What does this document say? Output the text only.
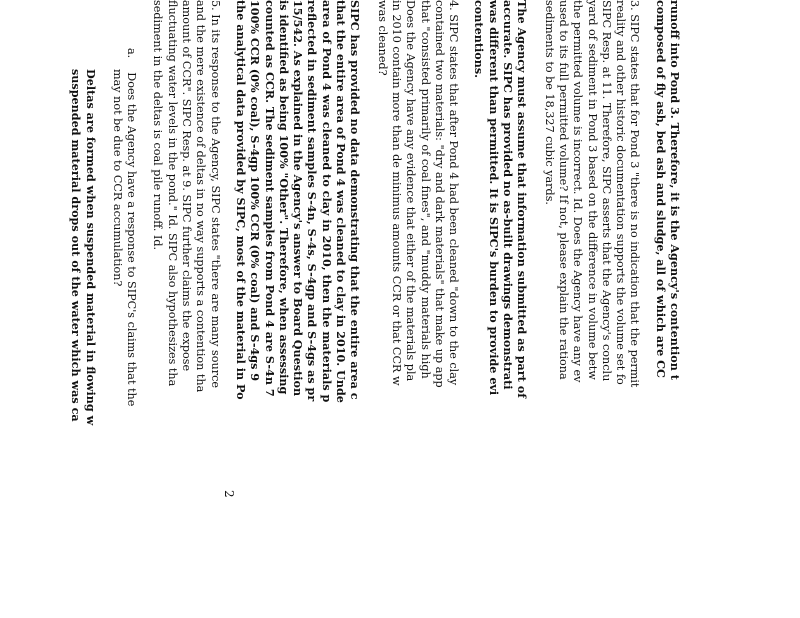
runoff into Pond 3. Therefore, it is the Agency's contention t
composed of fly ash, bed ash and sludge, all of which are CC
3. SIPC states that for Pond 3 "there is no indication that the permit
reality and other historic documentation supports the volume set fo
SIPC Resp. at 11. Therefore, SIPC asserts that the Agency's conclu
yard of sediment in Pond 3 based on the difference in volume betw
the permitted volume is incorrect. Id. Does the Agency have any ev
used to its full permitted volume? If not, please explain the rationa
sediments to be 18,327 cubic yards.
The Agency must assume that information submitted as part of
accurate. SIPC has provided no as-built drawings demonstrati
was different than permitted. It is SIPC's burden to provide evi
contentions.
4. SIPC states that after Pond 4 had been cleaned "down to the clay
contained two materials: "dry and dark materials" that make up app
that "consisted primarily of coal fines", and "muddy materials high
Does the Agency have any evidence that either of the materials pla
in 2010 contain more than de minimus amounts CCR or that CCR w
was cleaned?
SIPC has provided no data demonstrating that the entire area c
that the entire area of Pond 4 was cleaned to clay in 2010. Unde
area of Pond 4 was cleaned to clay in 2010, then the materials p
reflected in sediment samples S-4n, S-4s, S-4gp and S-4gs as pr
15/542. As explained in the Agency's answer to Board Question
is identified as being 100% "Other". Therefore, when assessing
counted as CCR. The sediment samples from Pond 4 are S-4n 7
100% CCR (0% coal), S-4gp 100% CCR (0% coal) and S-4gs 9
the analytical data provided by SIPC, most of the material in Po
5. In its response to the Agency, SIPC states "there are many source
and the mere existence of deltas in no way supports a contention tha
amount of CCR". SIPC Resp. at 9. SIPC further claims the expose
fluctuating water levels in the pond." Id. SIPC also hypothesizes tha
sediment in the deltas is coal pile runoff. Id.
a.Does the Agency have a response to SIPC's claims that the
may not be due to CCR accumulation?
Deltas are formed when suspended material in flowing w
suspended material drops out of the water which was ca
2
